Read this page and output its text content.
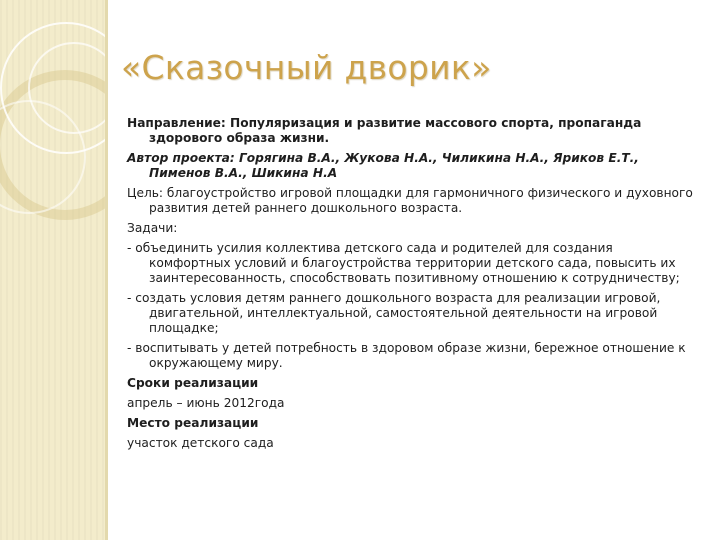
«Сказочный дворик»

Направление: Популяризация и развитие массового спорта, пропаганда здорового образа жизни.

Автор проекта: Горягина В.А., Жукова Н.А., Чиликина Н.А., Яриков Е.Т., Пименов В.А., Шикина Н.А

Цель: благоустройство игровой площадки для гармоничного физического и духовного развития детей раннего дошкольного возраста.

Задачи:

- объединить усилия коллектива детского сада и родителей для создания комфортных условий и благоустройства территории детского сада, повысить их заинтересованность, способствовать позитивному отношению к сотрудничеству;

- создать условия детям раннего дошкольного возраста для реализации игровой, двигательной, интеллектуальной, самостоятельной деятельности на игровой площадке;

- воспитывать у детей потребность в здоровом образе жизни, бережное отношение к окружающему миру.

Сроки реализации

апрель – июнь 2012года

Место реализации

участок детского сада
